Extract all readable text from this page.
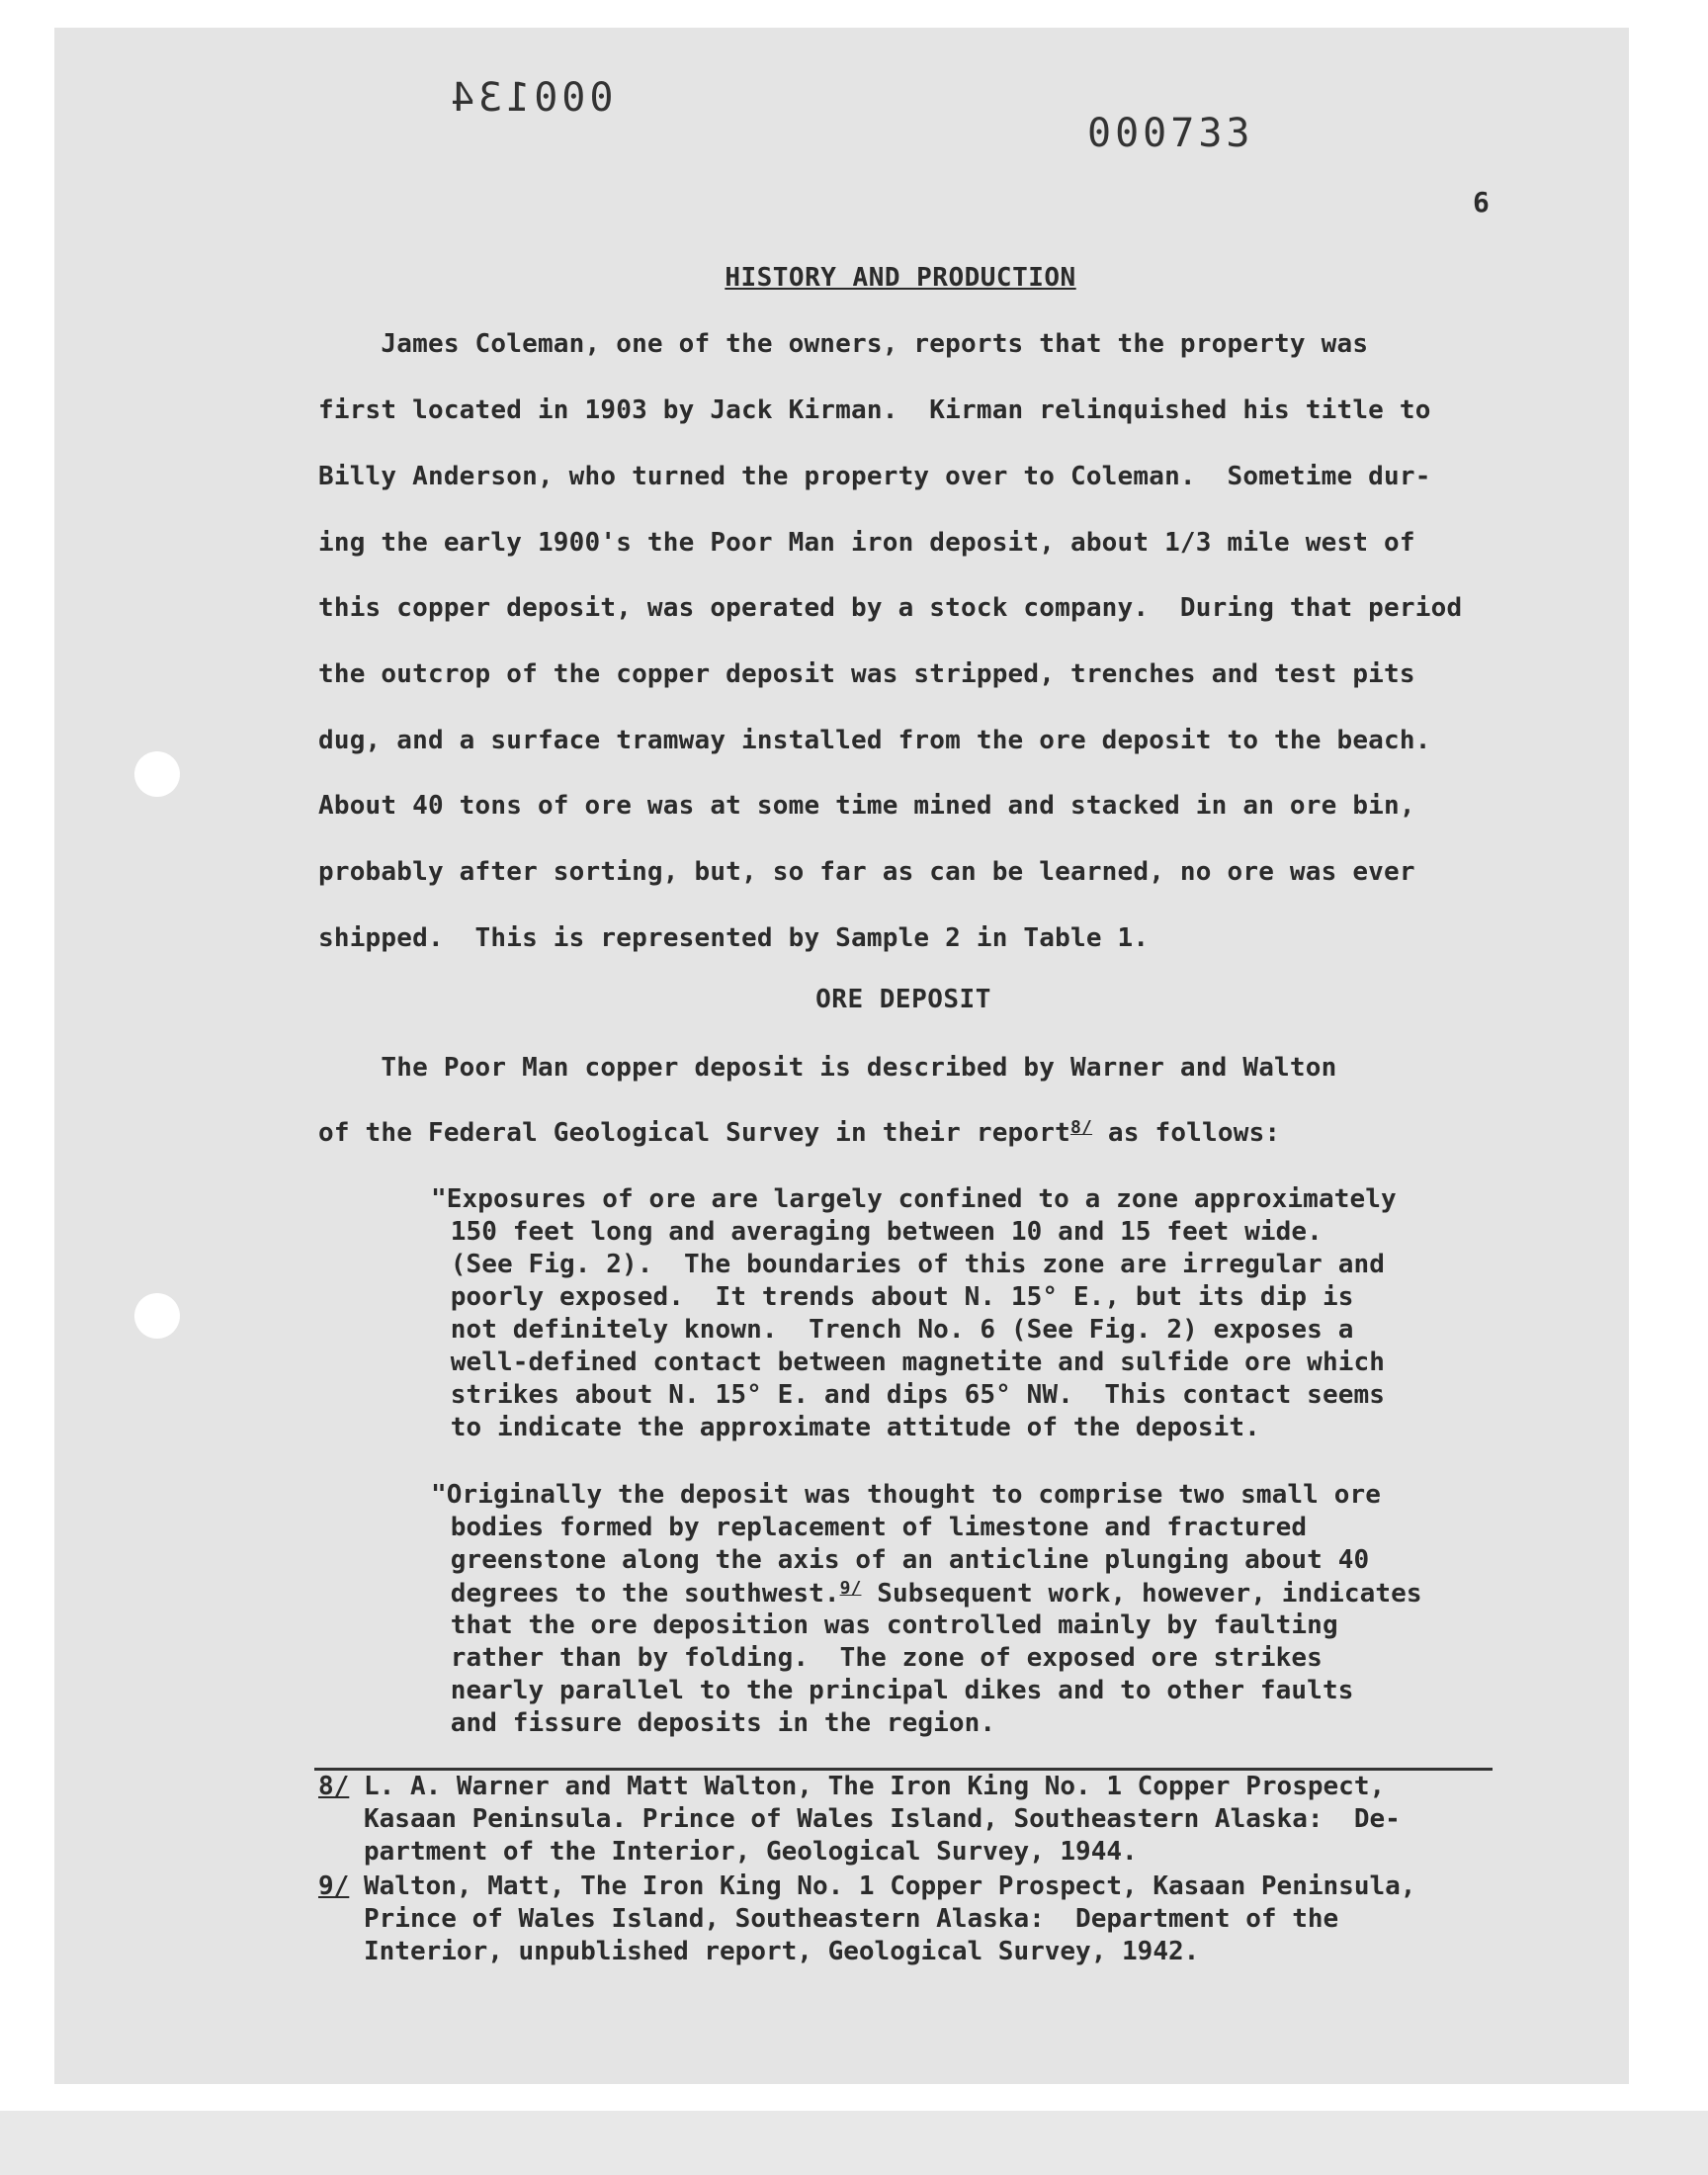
000134
000733
6
HISTORY AND PRODUCTION
James Coleman, one of the owners, reports that the property was
first located in 1903 by Jack Kirman.  Kirman relinquished his title to
Billy Anderson, who turned the property over to Coleman.  Sometime dur-
ing the early 1900's the Poor Man iron deposit, about 1/3 mile west of
this copper deposit, was operated by a stock company.  During that period
the outcrop of the copper deposit was stripped, trenches and test pits
dug, and a surface tramway installed from the ore deposit to the beach.
About 40 tons of ore was at some time mined and stacked in an ore bin,
probably after sorting, but, so far as can be learned, no ore was ever
shipped.  This is represented by Sample 2 in Table 1.
ORE DEPOSIT
The Poor Man copper deposit is described by Warner and Walton
of the Federal Geological Survey in their report$^{8/}$ as follows:
"Exposures of ore are largely confined to a zone approximately
150 feet long and averaging between 10 and 15 feet wide.
(See Fig. 2).  The boundaries of this zone are irregular and
poorly exposed.  It trends about N. 15° E., but its dip is
not definitely known.  Trench No. 6 (See Fig. 2) exposes a
well-defined contact between magnetite and sulfide ore which
strikes about N. 15° E. and dips 65° NW.  This contact seems
to indicate the approximate attitude of the deposit.
"Originally the deposit was thought to comprise two small ore
bodies formed by replacement of limestone and fractured
greenstone along the axis of an anticline plunging about 40
degrees to the southwest.$^{9/}$ Subsequent work, however, indicates
that the ore deposition was controlled mainly by faulting
rather than by folding.  The zone of exposed ore strikes
nearly parallel to the principal dikes and to other faults
and fissure deposits in the region.
8/ L. A. Warner and Matt Walton, The Iron King No. 1 Copper Prospect,
Kasaan Peninsula. Prince of Wales Island, Southeastern Alaska:  De-
partment of the Interior, Geological Survey, 1944.
9/ Walton, Matt, The Iron King No. 1 Copper Prospect, Kasaan Peninsula,
Prince of Wales Island, Southeastern Alaska:  Department of the
Interior, unpublished report, Geological Survey, 1942.
